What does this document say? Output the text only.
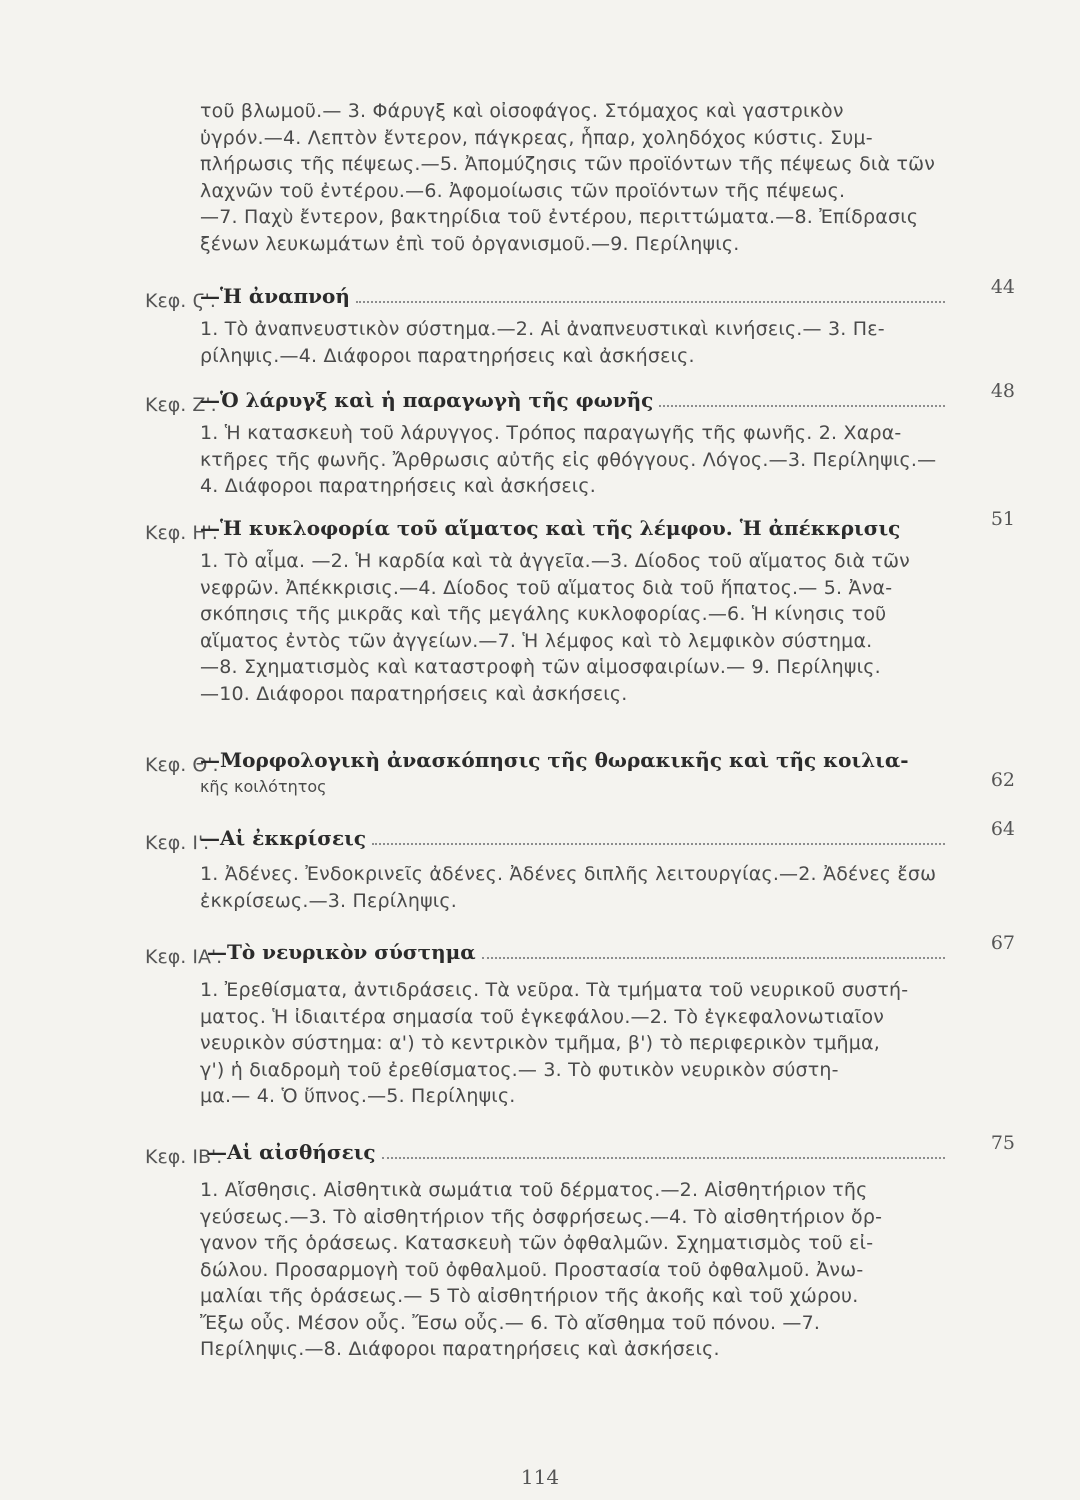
τοῦ βλωμοῦ.— 3. Φάρυγξ καὶ οἰσοφάγος. Στόμαχος καὶ γαστρικὸν
ὑγρόν.—4. Λεπτὸν ἔντερον, πάγκρεας, ἧπαρ, χοληδόχος κύστις. Συμ-
πλήρωσις τῆς πέψεως.—5. Ἀπομύζησις τῶν προϊόντων τῆς πέψεως διὰ τῶν
λαχνῶν τοῦ ἐντέρου.—6. Ἀφομοίωσις τῶν προϊόντων τῆς πέψεως.
—7. Παχὺ ἔντερον, βακτηρίδια τοῦ ἐντέρου, περιττώματα.—8. Ἐπίδρασις
ξένων λευκωμάτων ἐπὶ τοῦ ὀργανισμοῦ.—9. Περίληψις.
Κεφ. Ϛ'.
—Ἡ ἀναπνοή	44
1. Τὸ ἀναπνευστικὸν σύστημα.—2. Αἱ ἀναπνευστικαὶ κινήσεις.— 3. Πε-
ρίληψις.—4. Διάφοροι παρατηρήσεις καὶ ἀσκήσεις.
Κεφ. Ζ'.
—Ὁ λάρυγξ καὶ ἡ παραγωγὴ τῆς φωνῆς	48
1. Ἡ κατασκευὴ τοῦ λάρυγγος. Τρόπος παραγωγῆς τῆς φωνῆς. 2. Χαρα-
κτῆρες τῆς φωνῆς. Ἄρθρωσις αὐτῆς εἰς φθόγγους. Λόγος.—3. Περίληψις.—
4. Διάφοροι παρατηρήσεις καὶ ἀσκήσεις.
Κεφ. Η'.
—Ἡ κυκλοφορία τοῦ αἵματος καὶ τῆς λέμφου. Ἡ ἀπέκκρισις	51
1. Τὸ αἷμα. —2. Ἡ καρδία καὶ τὰ ἀγγεῖα.—3. Δίοδος τοῦ αἵματος διὰ τῶν
νεφρῶν. Ἀπέκκρισις.—4. Δίοδος τοῦ αἵματος διὰ τοῦ ἥπατος.— 5. Ἀνα-
σκόπησις τῆς μικρᾶς καὶ τῆς μεγάλης κυκλοφορίας.—6. Ἡ κίνησις τοῦ
αἵματος ἐντὸς τῶν ἀγγείων.—7. Ἡ λέμφος καὶ τὸ λεμφικὸν σύστημα.
—8. Σχηματισμὸς καὶ καταστροφὴ τῶν αἱμοσφαιρίων.— 9. Περίληψις.
—10. Διάφοροι παρατηρήσεις καὶ ἀσκήσεις.
Κεφ. Θ'.
—Μορφολογικὴ ἀνασκόπησις τῆς θωρακικῆς καὶ τῆς κοιλια-
κῆς κοιλότητος	62
Κεφ. Ι'.
—Αἱ ἐκκρίσεις	64
1. Ἀδένες. Ἐνδοκρινεῖς ἀδένες. Ἀδένες διπλῆς λειτουργίας.—2. Ἀδένες ἔσω
ἐκκρίσεως.—3. Περίληψις.
Κεφ. ΙΑ'.
—Τὸ νευρικὸν σύστημα	67
1. Ἐρεθίσματα, ἀντιδράσεις. Τὰ νεῦρα. Τὰ τμήματα τοῦ νευρικοῦ συστή-
ματος. Ἡ ἰδιαιτέρα σημασία τοῦ ἐγκεφάλου.—2. Τὸ ἐγκεφαλονωτιαῖον
νευρικὸν σύστημα: α') τὸ κεντρικὸν τμῆμα, β') τὸ περιφερικὸν τμῆμα,
γ') ἡ διαδρομὴ τοῦ ἐρεθίσματος.— 3. Τὸ φυτικὸν νευρικὸν σύστη-
μα.— 4. Ὁ ὕπνος.—5. Περίληψις.
Κεφ. ΙΒ'.
—Αἱ αἰσθήσεις	75
1. Αἴσθησις. Αἰσθητικὰ σωμάτια τοῦ δέρματος.—2. Αἰσθητήριον τῆς
γεύσεως.—3. Τὸ αἰσθητήριον τῆς ὀσφρήσεως.—4. Τὸ αἰσθητήριον ὄρ-
γανον τῆς ὁράσεως. Κατασκευὴ τῶν ὀφθαλμῶν. Σχηματισμὸς τοῦ εἰ-
δώλου. Προσαρμογὴ τοῦ ὀφθαλμοῦ. Προστασία τοῦ ὀφθαλμοῦ. Ἀνω-
μαλίαι τῆς ὁράσεως.— 5 Τὸ αἰσθητήριον τῆς ἀκοῆς καὶ τοῦ χώρου.
Ἔξω οὖς. Μέσον οὖς. Ἔσω οὖς.— 6. Τὸ αἴσθημα τοῦ πόνου. —7.
Περίληψις.—8. Διάφοροι παρατηρήσεις καὶ ἀσκήσεις.
114
